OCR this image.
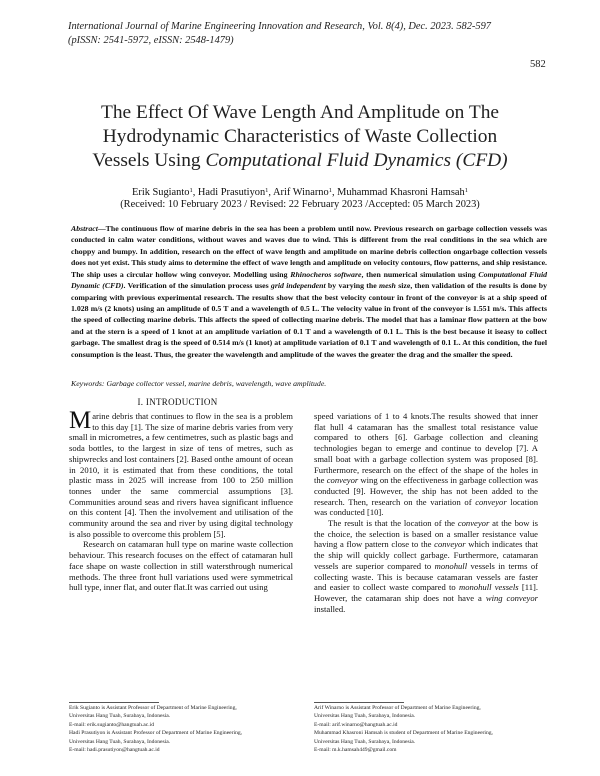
International Journal of Marine Engineering Innovation and Research, Vol. 8(4), Dec. 2023. 582-597
(pISSN: 2541-5972, eISSN: 2548-1479)
582
The Effect Of Wave Length And Amplitude on The
Hydrodynamic Characteristics of Waste Collection
Vessels Using Computational Fluid Dynamics (CFD)
Erik Sugianto$^1$, Hadi Prasutiyon$^1$, Arif Winarno$^1$, Muhammad Khasroni Hamsah$^1$
(Received: 10 February 2023 / Revised: 22 February 2023 /Accepted: 05 March 2023)
Abstract—The continuous flow of marine debris in the sea has been a problem until now. Previous research on garbage collection vessels was conducted in calm water conditions, without waves and waves due to wind. This is different from the real conditions in the sea which are choppy and bumpy. In addition, research on the effect of wave length and amplitude on marine debris collection ongarbage collection vessels does not yet exist. This study aims to determine the effect of wave length and amplitude on velocity contours, flow patterns, and ship resistance. The ship uses a circular hollow wing conveyor. Modelling using Rhinocheros software, then numerical simulation using Computational Fluid Dynamic (CFD). Verification of the simulation process uses grid independent by varying the mesh size, then validation of the results is done by comparing with previous experimental research. The results show that the best velocity contour in front of the conveyor is at a ship speed of 1.028 m/s (2 knots) using an amplitude of 0.5 T and a wavelength of 0.5 L. The velocity value in front of the conveyor is 1.551 m/s. This affects the speed of collecting marine debris. This affects the speed of collecting marine debris. The model that has a laminar flow pattern at the bow and at the stern is a speed of 1 knot at an amplitude variation of 0.1 T and a wavelength of 0.1 L. This is the best because it iseasy to collect garbage. The smallest drag is the speed of 0.514 m/s (1 knot) at amplitude variation of 0.1 T and wavelength of 0.1 L. At this condition, the fuel consumption is the least. Thus, the greater the wavelength and amplitude of the waves the greater the drag and the smaller the speed.
Keywords: Garbage collector vessel, marine debris, wavelength, wave amplitude.
I. INTRODUCTION

Marine debris that continues to flow in the sea is a problem to this day [1]. The size of marine debris varies from very small in micrometres, a few centimetres, such as plastic bags and soda bottles, to the largest in size of tens of metres, such as shipwrecks and lost containers [2]. Based onthe amount of ocean in 2010, it is estimated that from these conditions, the total plastic mass in 2025 will increase from 100 to 250 million tonnes under the same commercial assumptions [3]. Communities around seas and rivers havea significant influence on this content [4]. Then the involvement and utilisation of the community around the sea and river by using digital technology is also possible to overcome this problem [5].

Research on catamaran hull type on marine waste collection behaviour. This research focuses on the effect of catamaran hull face shape on waste collection in still watersthrough numerical methods. The three front hull variations used were symmetrical hull type, inner flat, and outer flat.It was carried out using

speed variations of 1 to 4 knots.The results showed that inner flat hull 4 catamaran has the smallest total resistance value compared to others [6]. Garbage collection and cleaning technologies began to emerge and continue to develop [7]. A small boat with a garbage collection system was proposed [8]. Furthermore, research on the effect of the shape of the holes in the conveyor wing on the effectiveness in garbage collection was conducted [9]. However, the ship has not been added to the research. Then, research on the variation of conveyor location was conducted [10].

The result is that the location of the conveyor at the bow is the choice, the selection is based on a smaller resistance value having a flow pattern close to the conveyor which indicates that the ship will quickly collect garbage. Furthermore, catamaran vessels are superior compared to monohull vessels in terms of collecting waste. This is because catamaran vessels are faster and easier to collect waste compared to monohull vessels [11]. However, the catamaran ship does not have a wing conveyor installed.

Erik Sugianto is Assistant Professor of Department of Marine Engineering,
Universitas Hang Tuah, Surabaya, Indonesia.
E-mail: erik.sugianto@hangtuah.ac.id
Hadi Prasutiyon is Assistant Professor of Department of Marine Engineering,
Universitas Hang Tuah, Surabaya, Indonesia.
E-mail: hadi.prasutiyon@hangtuah.ac.id
Arif Winarno is Assistant Professor of Department of Marine Engineering,
Universitas Hang Tuah, Surabaya, Indonesia.
E-mail: arif.winarno@hangtuah.ac.id
Muhammad Khasroni Hamsah is student of Department of Marine Engineering,
Universitas Hang Tuah, Surabaya, Indonesia.
E-mail: m.k.hamsah449@gmail.com
